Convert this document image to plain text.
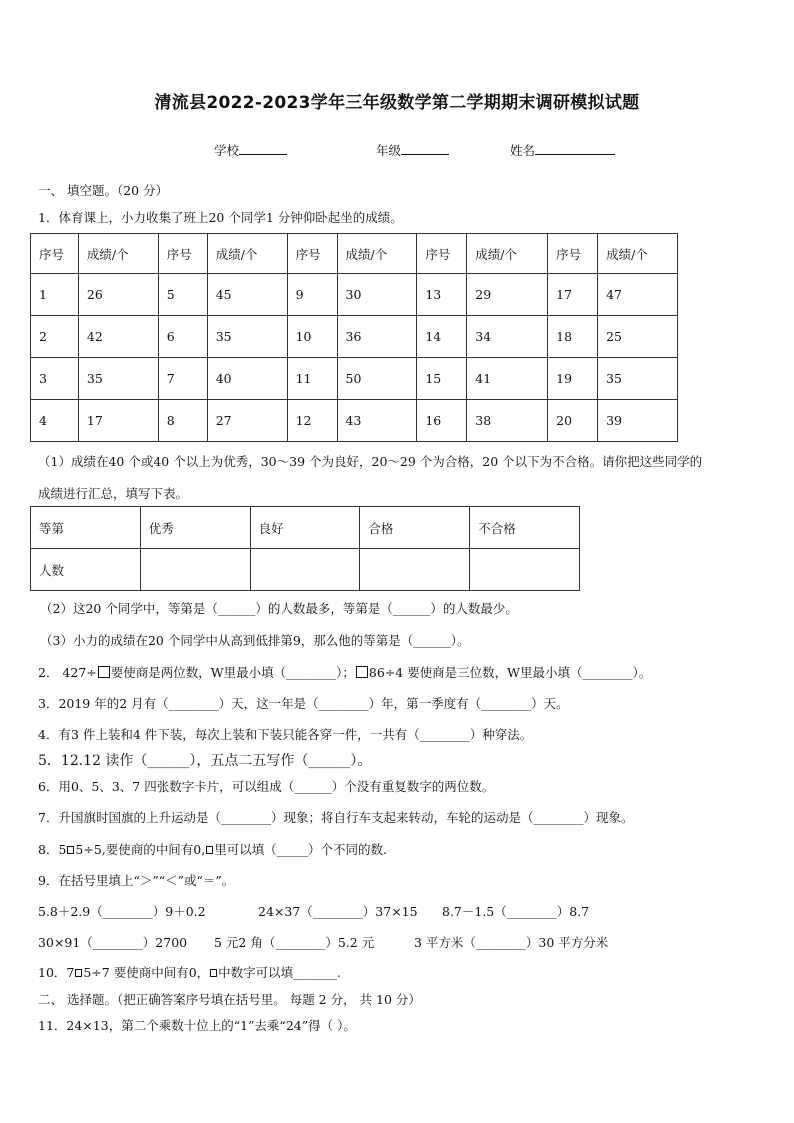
清流县2022-2023学年三年级数学第二学期期末调研模拟试题
学校	年级	姓名
一、 填空题。（20 分）
1．体育课上，小力收集了班上20 个同学1 分钟仰卧起坐的成绩。
序号	成绩/个	序号	成绩/个	序号	成绩/个	序号	成绩/个	序号	成绩/个
1	26	5	45	9	30	13	29	17	47
2	42	6	35	10	36	14	34	18	25
3	35	7	40	11	50	15	41	19	35
4	17	8	27	12	43	16	38	20	39
（1）成绩在40 个或40 个以上为优秀，30～39 个为良好，20～29 个为合格，20 个以下为不合格。请你把这些同学的
成绩进行汇总，填写下表。
等第	优秀	良好	合格	不合格
人数				
（2）这20 个同学中，等第是（______）的人数最多，等第是（______）的人数最少。
（3）小力的成绩在20 个同学中从高到低排第9，那么他的等第是（______）。
2． 427÷ 要使商是两位数，W里最小填（________）； 86÷4 要使商是三位数，W里最小填（________）。
3．2019 年的2 月有（________）天，这一年是（________）年，第一季度有（________）天。
4．有3 件上装和4 件下装，每次上装和下装只能各穿一件，一共有（________）种穿法。
5．12.12 读作（______），五点二五写作（______）。
6．用0、5、3、7 四张数字卡片，可以组成（______）个没有重复数字的两位数。
7．升国旗时国旗的上升运动是（________）现象；将自行车支起来转动，车轮的运动是（________）现象。
8．5 5÷5,要使商的中间有0, 里可以填（_____）个不同的数.
9．在括号里填上“＞”“＜”或“＝”。
5.8＋2.9（________）9＋0.2	24×37（________）37×15 8.7－1.5（________）8.7
30×91（________）2700 5 元2 角（________）5.2 元	3 平方米（________）30 平方分米
10．7 5÷7 要使商中间有0， 中数字可以填_______.
二、 选择题。（把正确答案序号填在括号里。 每题 2 分， 共 10 分）
11．24×13，第二个乘数十位上的“1”去乘“24”得（ ）。
